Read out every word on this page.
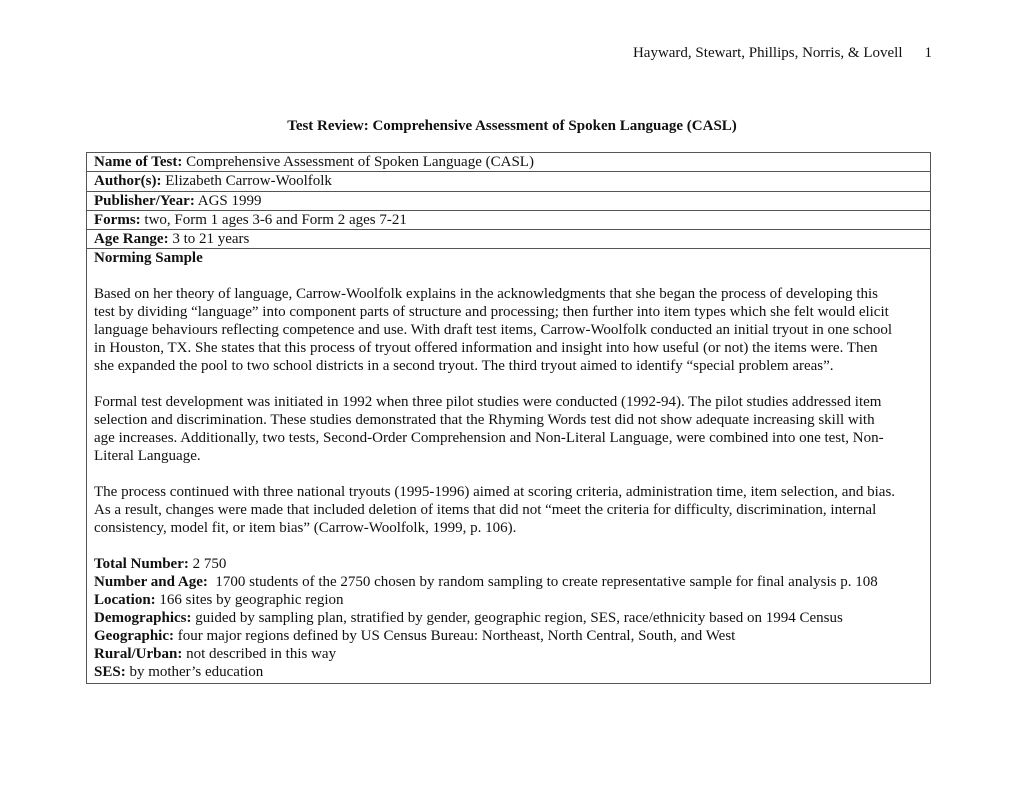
Hayward, Stewart, Phillips, Norris, & Lovell 1
Test Review: Comprehensive Assessment of Spoken Language (CASL)
Name of Test: Comprehensive Assessment of Spoken Language (CASL)
Author(s): Elizabeth Carrow-Woolfolk
Publisher/Year: AGS 1999
Forms: two, Form 1 ages 3-6 and Form 2 ages 7-21
Age Range: 3 to 21 years
Norming Sample
Based on her theory of language, Carrow-Woolfolk explains in the acknowledgments that she began the process of developing this
test by dividing “language” into component parts of structure and processing; then further into item types which she felt would elicit
language behaviours reflecting competence and use. With draft test items, Carrow-Woolfolk conducted an initial tryout in one school
in Houston, TX. She states that this process of tryout offered information and insight into how useful (or not) the items were. Then
she expanded the pool to two school districts in a second tryout. The third tryout aimed to identify “special problem areas”.
Formal test development was initiated in 1992 when three pilot studies were conducted (1992-94). The pilot studies addressed item
selection and discrimination. These studies demonstrated that the Rhyming Words test did not show adequate increasing skill with
age increases. Additionally, two tests, Second-Order Comprehension and Non-Literal Language, were combined into one test, Non-
Literal Language.
The process continued with three national tryouts (1995-1996) aimed at scoring criteria, administration time, item selection, and bias.
As a result, changes were made that included deletion of items that did not “meet the criteria for difficulty, discrimination, internal
consistency, model fit, or item bias” (Carrow-Woolfolk, 1999, p. 106).
Total Number: 2 750
Number and Age:  1700 students of the 2750 chosen by random sampling to create representative sample for final analysis p. 108
Location: 166 sites by geographic region
Demographics: guided by sampling plan, stratified by gender, geographic region, SES, race/ethnicity based on 1994 Census
Geographic: four major regions defined by US Census Bureau: Northeast, North Central, South, and West
Rural/Urban: not described in this way
SES: by mother’s education
